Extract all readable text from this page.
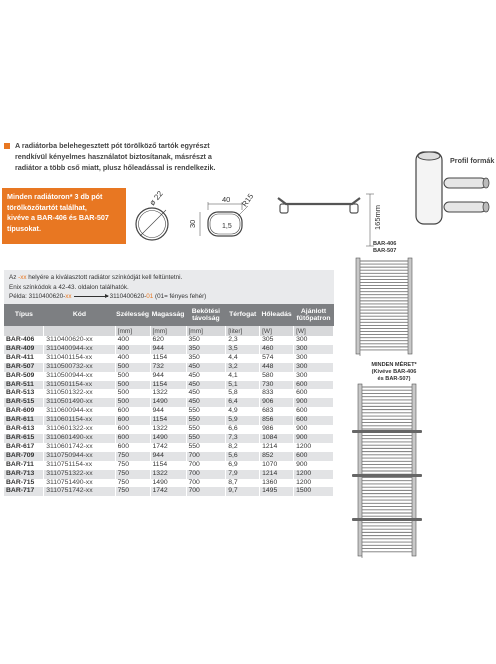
A radiátorba belehegesztett pót törölköző tartók egyrészt
rendkívül kényelmes használatot biztosítanak, másrészt a
radiátor a több cső miatt, plusz hőleadással is rendelkezik.
Minden radiátoron* 3 db pót
törölközőtartót találhat,
kivéve a BAR-406 és BAR-507
típusokat.
ø 22	40
30	1,5
R15
165mm
Profil formák
Az -xx helyére a kiválasztott radiátor színkódját kell feltüntetni.
Enix színkódok a 42-43. oldalon találhatók.
Példa: 3110400620-xx	3110400620-01 (01= fényes fehér)
Típus	Kód	Szélesség	Magasság	Bekötési távolság	Térfogat	Hőleadás	Ajánlott fűtőpatron
		[mm]	[mm]	[mm]	[liter]	[W]	[W]
BAR-406	3110400620-xx	400	620	350	2,3	305	300
BAR-409	3110400944-xx	400	944	350	3,5	460	300
BAR-411	3110401154-xx	400	1154	350	4,4	574	300
BAR-507	3110500732-xx	500	732	450	3,2	448	300
BAR-509	3110500944-xx	500	944	450	4,1	580	300
BAR-511	3110501154-xx	500	1154	450	5,1	730	600
BAR-513	3110501322-xx	500	1322	450	5,8	833	600
BAR-515	3110501490-xx	500	1490	450	6,4	906	900
BAR-609	3110600944-xx	600	944	550	4,9	683	600
BAR-611	3110601154-xx	600	1154	550	5,9	856	600
BAR-613	3110601322-xx	600	1322	550	6,6	986	900
BAR-615	3110601490-xx	600	1490	550	7,3	1084	900
BAR-617	3110601742-xx	600	1742	550	8,2	1214	1200
BAR-709	3110750944-xx	750	944	700	5,6	852	600
BAR-711	3110751154-xx	750	1154	700	6,9	1070	900
BAR-713	3110751322-xx	750	1322	700	7,9	1214	1200
BAR-715	3110751490-xx	750	1490	700	8,7	1360	1200
BAR-717	3110751742-xx	750	1742	700	9,7	1495	1500
BAR-406
BAR-507
MINDEN MÉRET*
(Kivéve BAR-406
és BAR-507)
